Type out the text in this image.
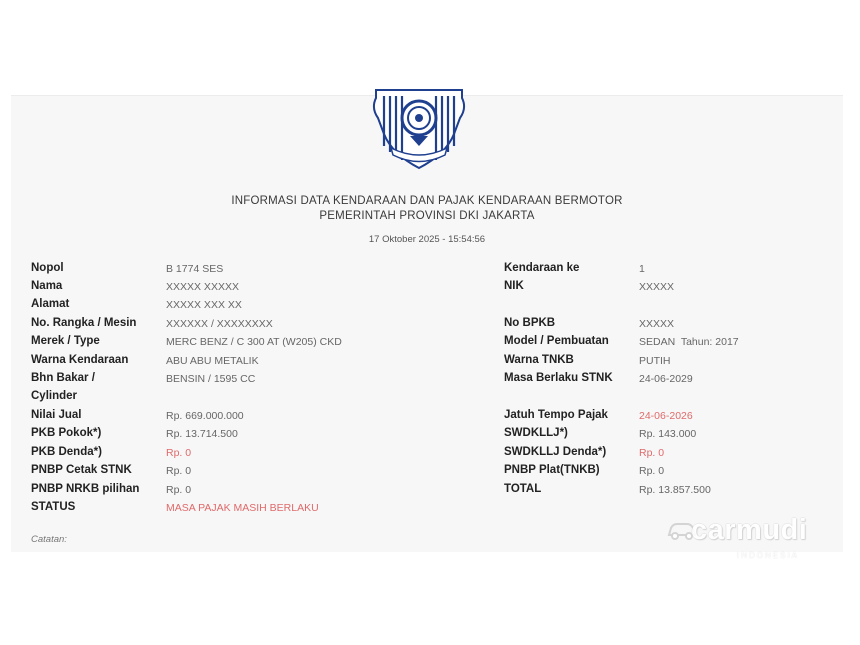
INFORMASI DATA KENDARAAN DAN PAJAK KENDARAAN BERMOTOR
PEMERINTAH PROVINSI DKI JAKARTA
17 Oktober 2025 - 15:54:56
Nopol	B 1774 SES
Nama	XXXXX XXXXX
Alamat	XXXXX XXX XX
No. Rangka / Mesin	XXXXXX / XXXXXXXX
Merek / Type	MERC BENZ / C 300 AT (W205) CKD
Warna Kendaraan	ABU ABU METALIK
Bhn Bakar /	BENSIN / 1595 CC
Cylinder
Nilai Jual	Rp. 669.000.000
PKB Pokok*)	Rp. 13.714.500
PKB Denda*)	Rp. 0
PNBP Cetak STNK	Rp. 0
PNBP NRKB pilihan	Rp. 0
STATUS	MASA PAJAK MASIH BERLAKU
Kendaraan ke	1
NIK	XXXXX
No BPKB	XXXXX
Model / Pembuatan	SEDAN  Tahun: 2017
Warna TNKB	PUTIH
Masa Berlaku STNK	24-06-2029
Jatuh Tempo Pajak	24-06-2026
SWDKLLJ*)	Rp. 143.000
SWDKLLJ Denda*)	Rp. 0
PNBP Plat(TNKB)	Rp. 0
TOTAL	Rp. 13.857.500
Catatan:	carmudi
INDONESIA
